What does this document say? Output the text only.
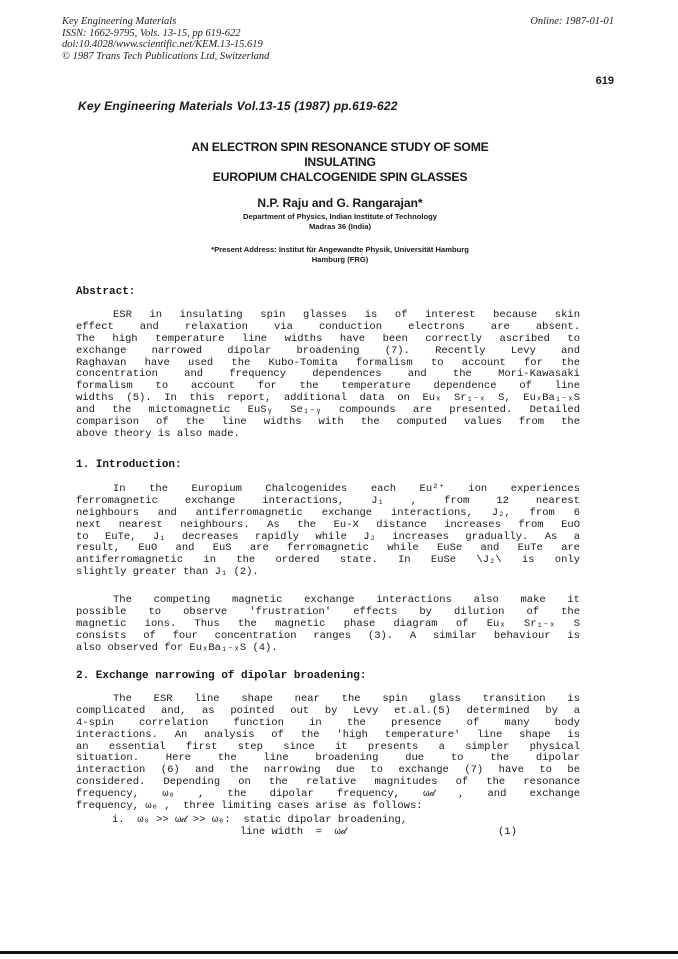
Key Engineering Materials
ISSN: 1662-9795, Vols. 13-15, pp 619-622
doi:10.4028/www.scientific.net/KEM.13-15.619
© 1987 Trans Tech Publications Ltd, Switzerland
Online: 1987-01-01
619
Key Engineering Materials Vol.13-15 (1987) pp.619-622
AN ELECTRON SPIN RESONANCE STUDY OF SOME
INSULATING
EUROPIUM CHALCOGENIDE SPIN GLASSES
N.P. Raju and G. Rangarajan*
Department of Physics, Indian Institute of Technology
Madras 36 (India)
*Present Address: Institut für Angewandte Physik, Universität Hamburg
Hamburg (FRG)
Abstract:
ESR in insulating spin glasses is of interest because skin
effect and relaxation via conduction electrons are absent.
The high temperature line widths have been correctly ascribed to
exchange narrowed dipolar broadening (7). Recently Levy and
Raghavan have used the Kubo-Tomita formalism to account for the
concentration and frequency dependences and the Mori-Kawasaki
formalism to account for the temperature dependence of line
widths (5). In this report, additional data on Euₓ Sr₁₋ₓ S, EuₓBa₁₋ₓS
and the mictomagnetic EuSᵧ Se₁₋ᵧ compounds are presented. Detailed
comparison of the line widths with the computed values from the
above theory is also made.
1. Introduction:
In the Europium Chalcogenides each Eu²⁺ ion experiences
ferromagnetic exchange interactions, J₁ , from 12 nearest
neighbours and antiferromagnetic exchange interactions, J₂, from 6
next nearest neighbours. As the Eu-X distance increases from EuO
to EuTe, J₁ decreases rapidly while J₂ increases gradually. As a
result, EuO and EuS are ferromagnetic while EuSe and EuTe are
antiferromagnetic in the ordered state. In EuSe \J₂\ is only
slightly greater than J₁ (2).
The competing magnetic exchange interactions also make it
possible to observe 'frustration' effects by dilution of the
magnetic ions. Thus the magnetic phase diagram of Euₓ Sr₁₋ₓ S
consists of four concentration ranges (3). A similar behaviour is
also observed for EuₓBa₁₋ₓS (4).
2. Exchange narrowing of dipolar broadening:
The ESR line shape near the spin glass transition is
complicated and, as pointed out by Levy et.al.(5) determined by a
4-spin correlation function in the presence of many body
interactions. An analysis of the 'high temperature' line shape is
an essential first step since it presents a simpler physical
situation. Here the line broadening due to the dipolar
interaction (6) and the narrowing due to exchange (7) have to be
considered. Depending on the relative magnitudes of the resonance
frequency, ω₀ , the dipolar frequency, ω𝒹 , and exchange
frequency, ωₑ ,  three limiting cases arise as follows:
i.  ω₀ >> ω𝒹 >> ωₑ:  static dipolar broadening,
line width  =  ω𝒹	(1)
